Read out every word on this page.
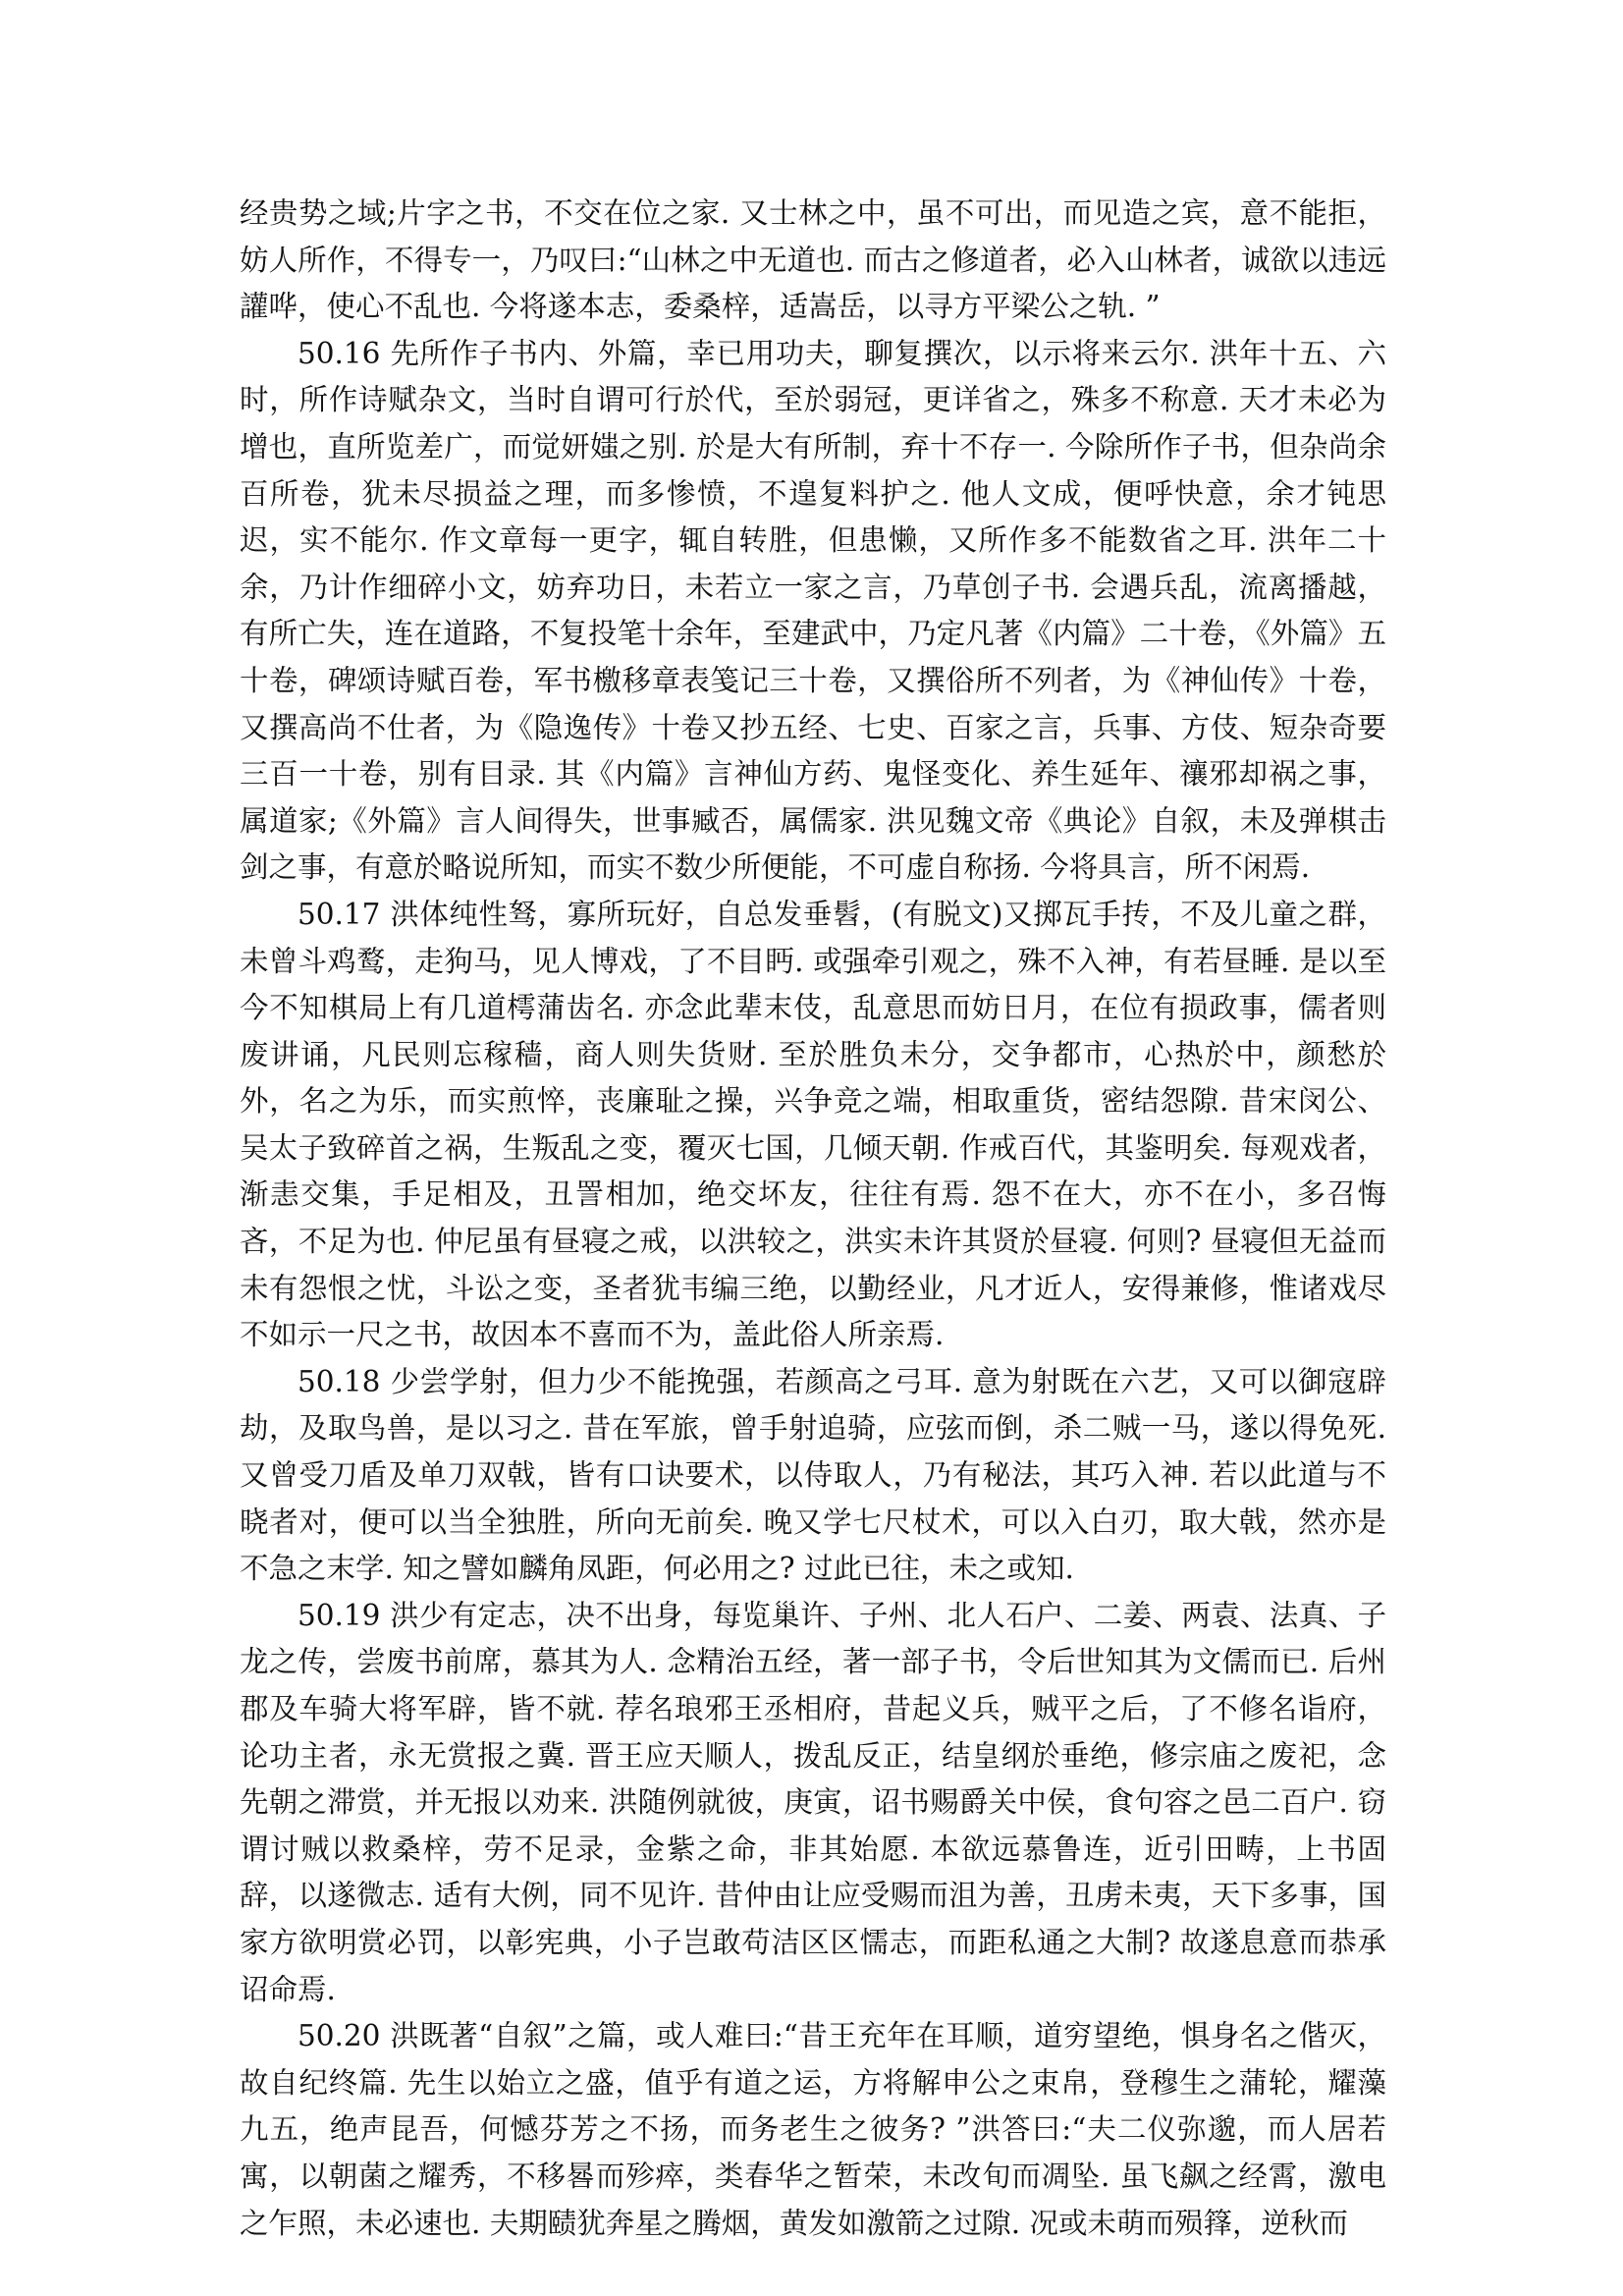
经贵势之域;片字之书，不交在位之家. 又士林之中，虽不可出，而见造之宾，意不能拒，妨人所作，不得专一，乃叹曰:“山林之中无道也. 而古之修道者，必入山林者，诚欲以违远讙哗，使心不乱也. 今将遂本志，委桑梓，适嵩岳，以寻方平梁公之轨. ”

50.16 先所作子书内、外篇，幸已用功夫，聊复撰次，以示将来云尔. 洪年十五、六时，所作诗赋杂文，当时自谓可行於代，至於弱冠，更详省之，殊多不称意. 天才未必为增也，直所览差广，而觉妍媸之别. 於是大有所制，弃十不存一. 今除所作子书，但杂尚余百所卷，犹未尽损益之理，而多惨愤，不遑复料护之. 他人文成，便呼快意，余才钝思迟，实不能尔. 作文章每一更字，辄自转胜，但患懒，又所作多不能数省之耳. 洪年二十余，乃计作细碎小文，妨弃功日，未若立一家之言，乃草创子书. 会遇兵乱，流离播越，有所亡失，连在道路，不复投笔十余年，至建武中，乃定凡著《内篇》二十卷，《外篇》五十卷，碑颂诗赋百卷，军书檄移章表笺记三十卷，又撰俗所不列者，为《神仙传》十卷，又撰高尚不仕者，为《隐逸传》十卷又抄五经、七史、百家之言，兵事、方伎、短杂奇要三百一十卷，别有目录. 其《内篇》言神仙方药、鬼怪变化、养生延年、禳邪却祸之事，属道家;《外篇》言人间得失，世事臧否，属儒家. 洪见魏文帝《典论》自叙，未及弹棋击剑之事，有意於略说所知，而实不数少所便能，不可虚自称扬. 今将具言，所不闲焉.

50.17 洪体纯性驽，寡所玩好，自总发垂髫，(有脱文)又掷瓦手抟，不及儿童之群，未曾斗鸡鹜，走狗马，见人博戏，了不目眄. 或强牵引观之，殊不入神，有若昼睡. 是以至今不知棋局上有几道樗蒲齿名. 亦念此辈末伎，乱意思而妨日月，在位有损政事，儒者则废讲诵，凡民则忘稼穑，商人则失货财. 至於胜负未分，交争都市，心热於中，颜愁於外，名之为乐，而实煎悴，丧廉耻之操，兴争竞之端，相取重货，密结怨隙. 昔宋闵公、吴太子致碎首之祸，生叛乱之变，覆灭七国，几倾天朝. 作戒百代，其鉴明矣. 每观戏者，渐恚交集，手足相及，丑詈相加，绝交坏友，往往有焉. 怨不在大，亦不在小，多召悔吝，不足为也. 仲尼虽有昼寝之戒，以洪较之，洪实未许其贤於昼寝. 何则? 昼寝但无益而未有怨恨之忧，斗讼之变，圣者犹韦编三绝，以勤经业，凡才近人，安得兼修，惟诸戏尽不如示一尺之书，故因本不喜而不为，盖此俗人所亲焉.

50.18 少尝学射，但力少不能挽强，若颜高之弓耳. 意为射既在六艺，又可以御寇辟劫，及取鸟兽，是以习之. 昔在军旅，曾手射追骑，应弦而倒，杀二贼一马，遂以得免死. 又曾受刀盾及单刀双戟，皆有口诀要术，以侍取人，乃有秘法，其巧入神. 若以此道与不晓者对，便可以当全独胜，所向无前矣. 晚又学七尺杖术，可以入白刃，取大戟，然亦是不急之末学. 知之譬如麟角凤距，何必用之? 过此已往，未之或知.

50.19 洪少有定志，决不出身，每览巢许、子州、北人石户、二姜、两袁、法真、子龙之传，尝废书前席，慕其为人. 念精治五经，著一部子书，令后世知其为文儒而已. 后州郡及车骑大将军辟，皆不就. 荐名琅邪王丞相府，昔起义兵，贼平之后，了不修名诣府，论功主者，永无赏报之冀. 晋王应天顺人，拨乱反正，结皇纲於垂绝，修宗庙之废祀，念先朝之滞赏，并无报以劝来. 洪随例就彼，庚寅，诏书赐爵关中侯，食句容之邑二百户. 窃谓讨贼以救桑梓，劳不足录，金紫之命，非其始愿. 本欲远慕鲁连，近引田畴，上书固辞，以遂微志. 适有大例，同不见许. 昔仲由让应受赐而沮为善，丑虏未夷，天下多事，国家方欲明赏必罚，以彰宪典，小子岂敢苟洁区区懦志，而距私通之大制? 故遂息意而恭承诏命焉.

50.20 洪既著“自叙”之篇，或人难曰:“昔王充年在耳顺，道穷望绝，惧身名之偕灭，故自纪终篇. 先生以始立之盛，值乎有道之运，方将解申公之束帛，登穆生之蒲轮，耀藻九五，绝声昆吾，何憾芬芳之不扬，而务老生之彼务? ”洪答曰:“夫二仪弥邈，而人居若寓，以朝菌之耀秀，不移晷而殄瘁，类春华之暂荣，未改旬而凋坠. 虽飞飙之经霄，激电之乍照，未必速也. 夫期赜犹奔星之腾烟，黄发如激箭之过隙. 况或未萌而殒箨，逆秋而
